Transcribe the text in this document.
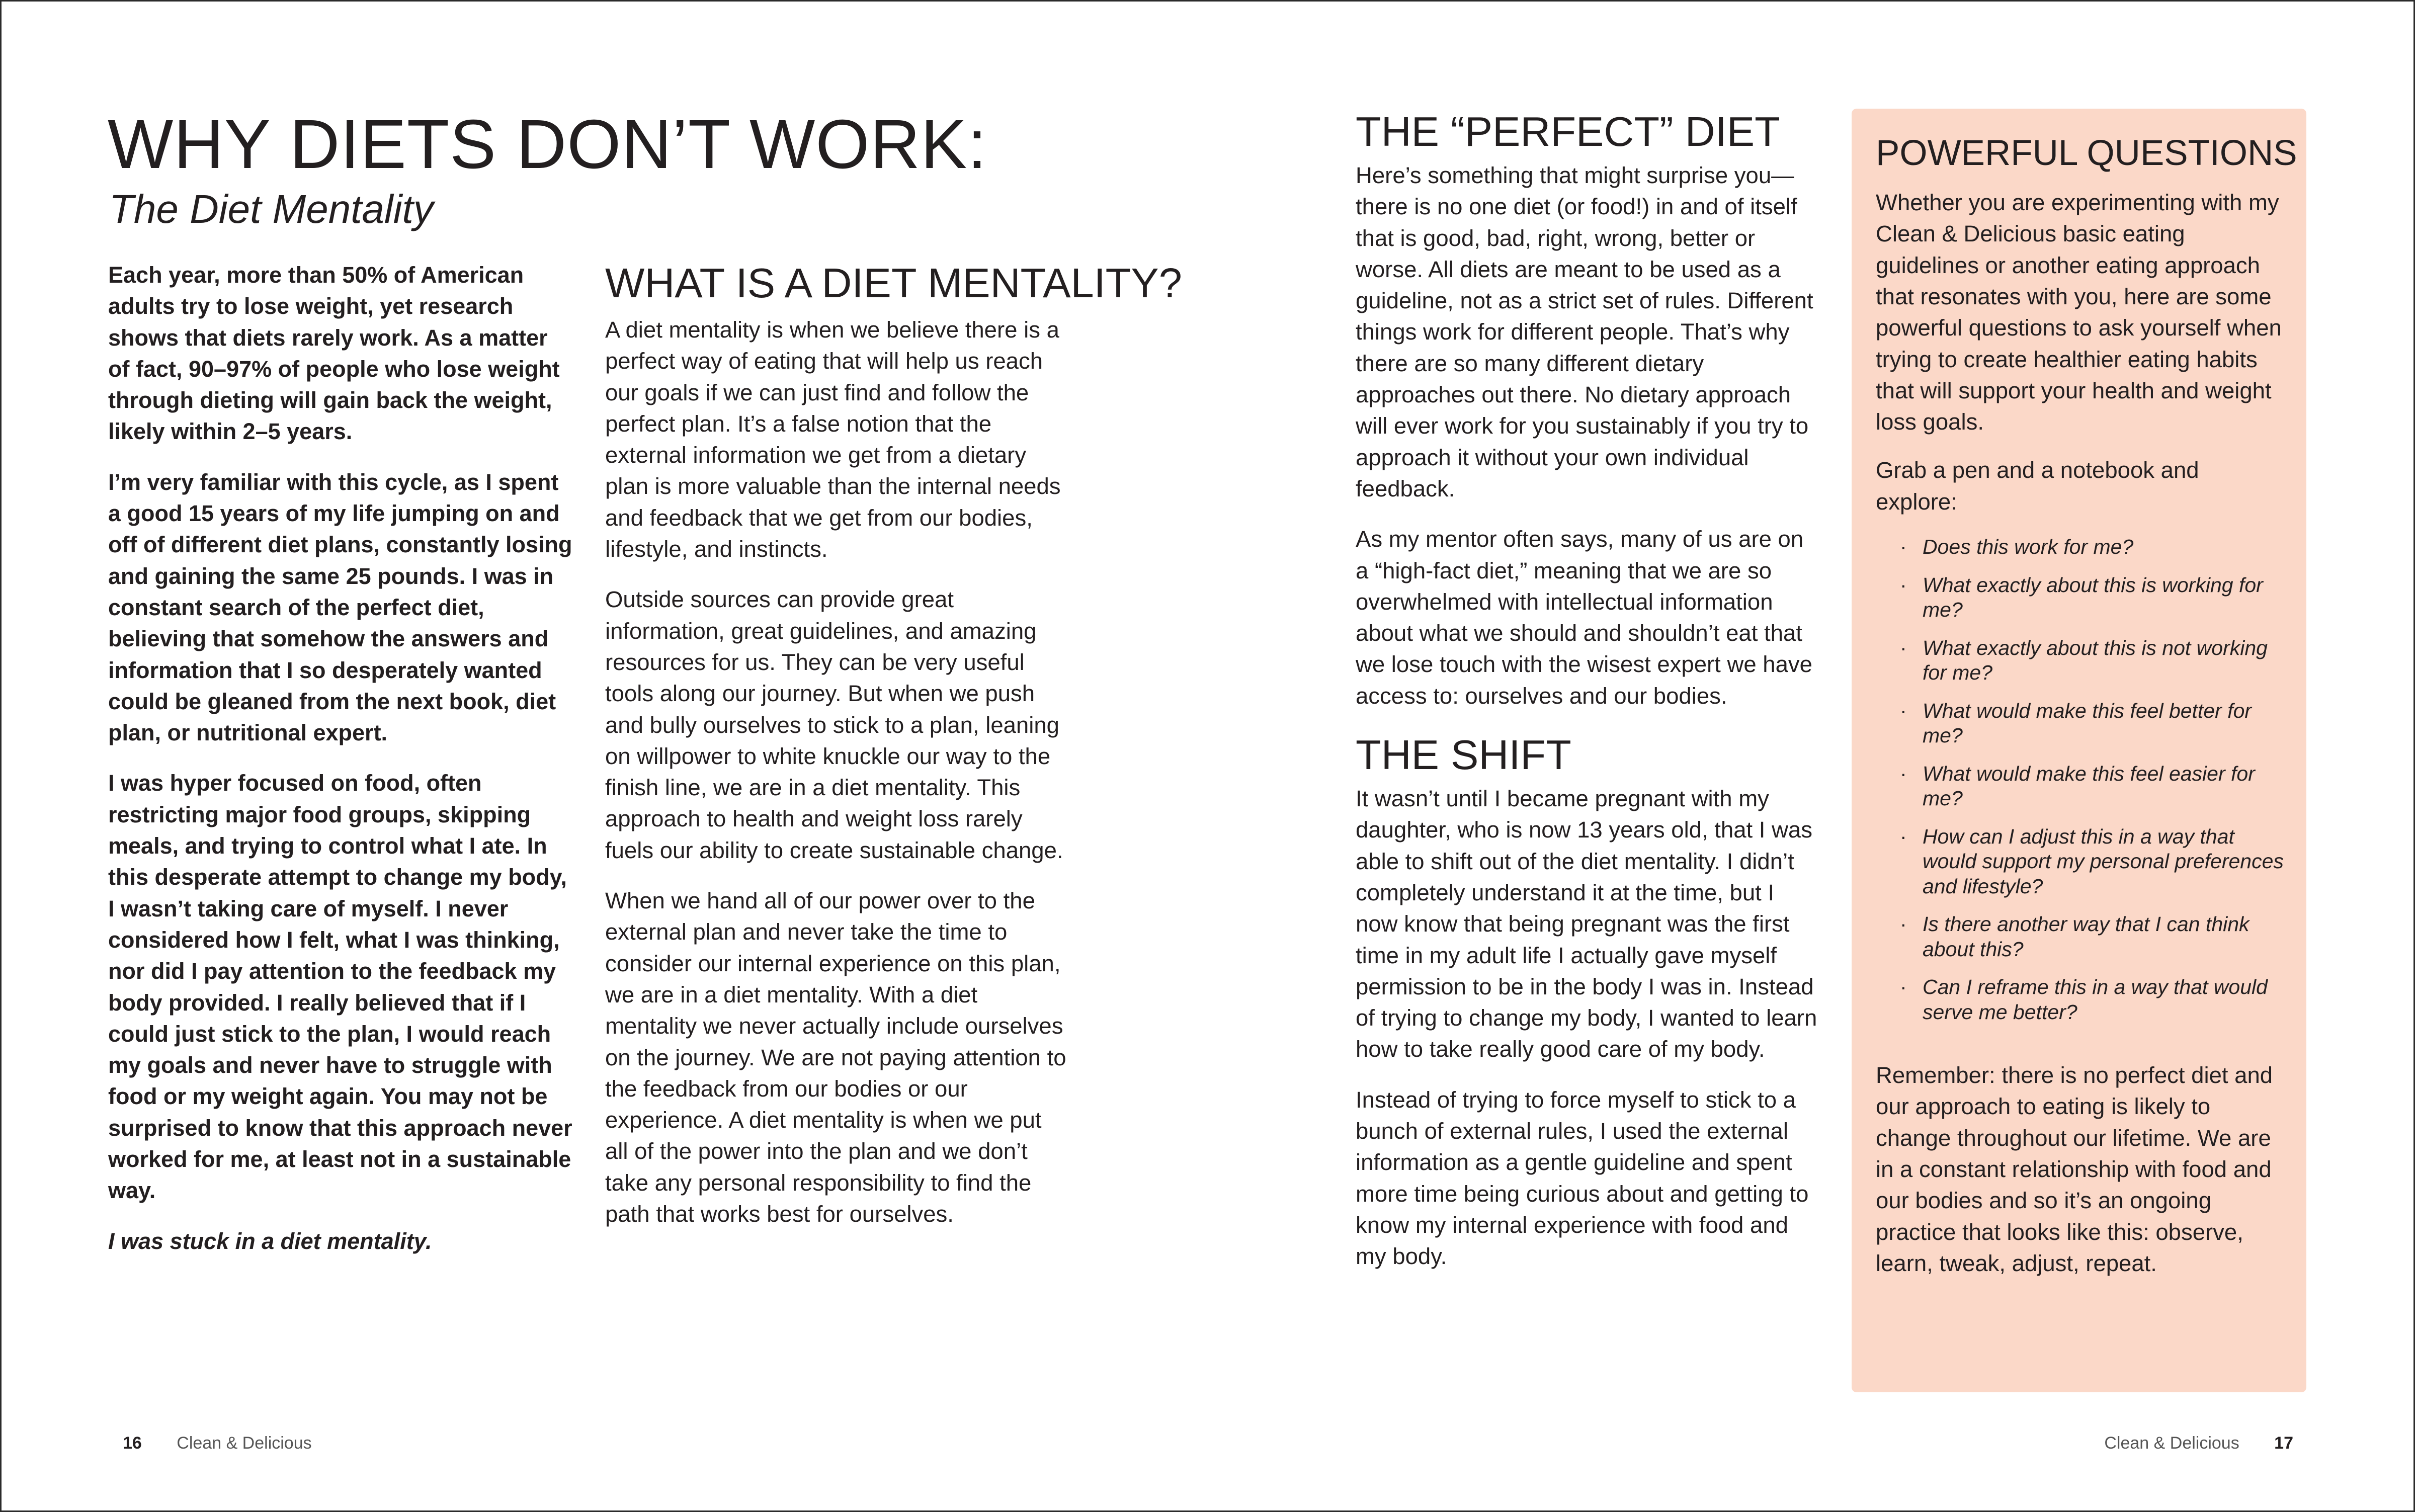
WHY DIETS DON’T WORK:
The Diet Mentality

Each year, more than 50% of American adults try to lose weight, yet research shows that diets rarely work. As a matter of fact, 90–97% of people who lose weight through dieting will gain back the weight, likely within 2–5 years.

I’m very familiar with this cycle, as I spent a good 15 years of my life jumping on and off of different diet plans, constantly losing and gaining the same 25 pounds. I was in constant search of the perfect diet, believing that somehow the answers and information that I so desperately wanted could be gleaned from the next book, diet plan, or nutritional expert.

I was hyper focused on food, often restricting major food groups, skipping meals, and trying to control what I ate. In this desperate attempt to change my body, I wasn’t taking care of myself. I never considered how I felt, what I was thinking, nor did I pay attention to the feedback my body provided. I really believed that if I could just stick to the plan, I would reach my goals and never have to struggle with food or my weight again. You may not be surprised to know that this approach never worked for me, at least not in a sustainable way.

I was stuck in a diet mentality.

WHAT IS A DIET MENTALITY?

A diet mentality is when we believe there is a perfect way of eating that will help us reach our goals if we can just find and follow the perfect plan. It’s a false notion that the external information we get from a dietary plan is more valuable than the internal needs and feedback that we get from our bodies, lifestyle, and instincts.

Outside sources can provide great information, great guidelines, and amazing resources for us. They can be very useful tools along our journey. But when we push and bully ourselves to stick to a plan, leaning on willpower to white knuckle our way to the finish line, we are in a diet mentality. This approach to health and weight loss rarely fuels our ability to create sustainable change.

When we hand all of our power over to the external plan and never take the time to consider our internal experience on this plan, we are in a diet mentality. With a diet mentality we never actually include ourselves on the journey. We are not paying attention to the feedback from our bodies or our experience. A diet mentality is when we put all of the power into the plan and we don’t take any personal responsibility to find the path that works best for ourselves.

16 Clean & Delicious
THE “PERFECT” DIET

Here’s something that might surprise you—there is no one diet (or food!) in and of itself that is good, bad, right, wrong, better or worse. All diets are meant to be used as a guideline, not as a strict set of rules. Different things work for different people. That’s why there are so many different dietary approaches out there. No dietary approach will ever work for you sustainably if you try to approach it without your own individual feedback.

As my mentor often says, many of us are on a “high-fact diet,” meaning that we are so overwhelmed with intellectual information about what we should and shouldn’t eat that we lose touch with the wisest expert we have access to: ourselves and our bodies.

THE SHIFT

It wasn’t until I became pregnant with my daughter, who is now 13 years old, that I was able to shift out of the diet mentality. I didn’t completely understand it at the time, but I now know that being pregnant was the first time in my adult life I actually gave myself permission to be in the body I was in. Instead of trying to change my body, I wanted to learn how to take really good care of my body.

Instead of trying to force myself to stick to a bunch of external rules, I used the external information as a gentle guideline and spent more time being curious about and getting to know my internal experience with food and my body.

POWERFUL QUESTIONS

Whether you are experimenting with my Clean & Delicious basic eating guidelines or another eating approach that resonates with you, here are some powerful questions to ask yourself when trying to create healthier eating habits that will support your health and weight loss goals.

Grab a pen and a notebook and explore:

· Does this work for me?
· What exactly about this is working for me?
· What exactly about this is not working for me?
· What would make this feel better for me?
· What would make this feel easier for me?
· How can I adjust this in a way that would support my personal preferences and lifestyle?
· Is there another way that I can think about this?
· Can I reframe this in a way that would serve me better?

Remember: there is no perfect diet and our approach to eating is likely to change throughout our lifetime. We are in a constant relationship with food and our bodies and so it’s an ongoing practice that looks like this: observe, learn, tweak, adjust, repeat.

Clean & Delicious 17
